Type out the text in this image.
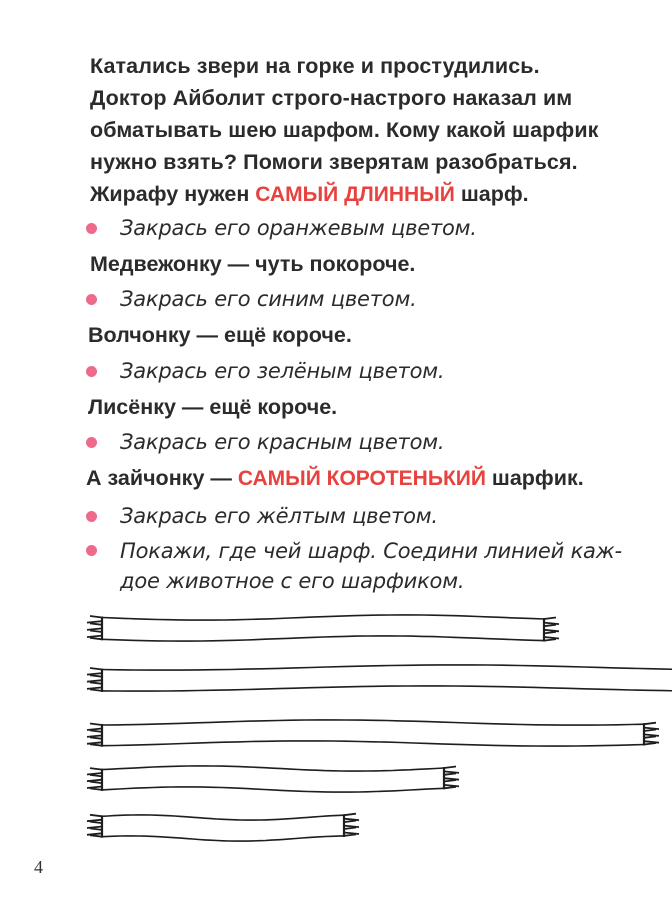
Катались звери на горке и простудились.
Доктор Айболит строго-настрого наказал им
обматывать шею шарфом. Кому какой шарфик
нужно взять? Помоги зверятам разобраться.
Жирафу нужен САМЫЙ ДЛИННЫЙ шарф.
Закрась его оранжевым цветом.
Медвежонку — чуть покороче.
Закрась его синим цветом.
Волчонку — ещё короче.
Закрась его зелёным цветом.
Лисёнку — ещё короче.
Закрась его красным цветом.
А зайчонку — САМЫЙ КОРОТЕНЬКИЙ шарфик.
Закрась его жёлтым цветом.
Покажи, где чей шарф. Соедини линией каж-
дое животное с его шарфиком.
4
